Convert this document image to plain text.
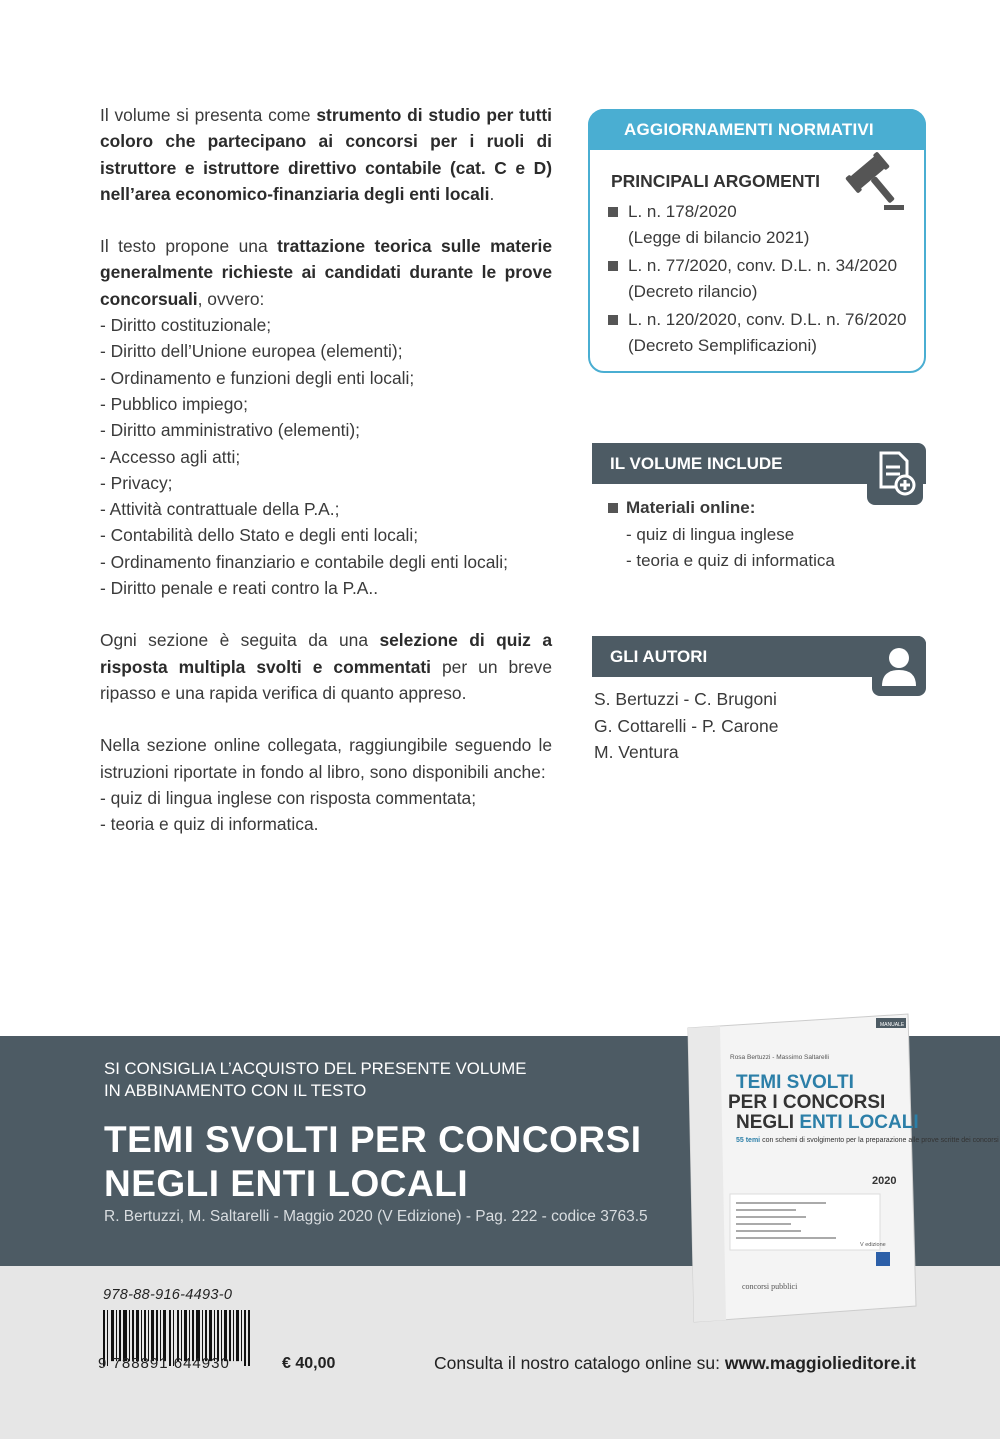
Il volume si presenta come strumento di studio per tutti coloro che partecipano ai concorsi per i ruoli di istruttore e istruttore direttivo contabile (cat. C e D) nell’area economico-finanziaria degli enti locali.

Il testo propone una trattazione teorica sulle materie generalmente richieste ai candidati durante le prove concorsuali, ovvero:

- Diritto costituzionale;
- Diritto dell’Unione europea (elementi);
- Ordinamento e funzioni degli enti locali;
- Pubblico impiego;
- Diritto amministrativo (elementi);
- Accesso agli atti;
- Privacy;
- Attività contrattuale della P.A.;
- Contabilità dello Stato e degli enti locali;
- Ordinamento finanziario e contabile degli enti locali;
- Diritto penale e reati contro la P.A..

Ogni sezione è seguita da una selezione di quiz a risposta multipla svolti e commentati per un breve ripasso e una rapida verifica di quanto appreso.

Nella sezione online collegata, raggiungibile seguendo le istruzioni riportate in fondo al libro, sono disponibili anche:

- quiz di lingua inglese con risposta commentata;
- teoria e quiz di informatica.
AGGIORNAMENTI NORMATIVI
PRINCIPALI ARGOMENTI
L. n. 178/2020
(Legge di bilancio 2021)
L. n. 77/2020, conv. D.L. n. 34/2020
(Decreto rilancio)
L. n. 120/2020, conv. D.L. n. 76/2020
(Decreto Semplificazioni)
IL VOLUME INCLUDE
Materiali online:
- quiz di lingua inglese
- teoria e quiz di informatica
GLI AUTORI
S. Bertuzzi - C. Brugoni
G. Cottarelli - P. Carone
M. Ventura
SI CONSIGLIA L’ACQUISTO DEL PRESENTE VOLUME
IN ABBINAMENTO CON IL TESTO
TEMI SVOLTI PER CONCORSI
NEGLI ENTI LOCALI
R. Bertuzzi, M. Saltarelli - Maggio 2020 (V Edizione) - Pag. 222 - codice 3763.5
978-88-916-4493-0
9 788891 644930	€ 40,00	Consulta il nostro catalogo online su: www.maggiolieditore.it
MANUALE
Rosa Bertuzzi - Massimo Saltarelli
TEMI SVOLTI
PER I CONCORSI
NEGLI ENTI LOCALI
55 temi con schemi di svolgimento per la preparazione alle prove scritte dei concorsi
2020
V edizione
concorsi pubblici
